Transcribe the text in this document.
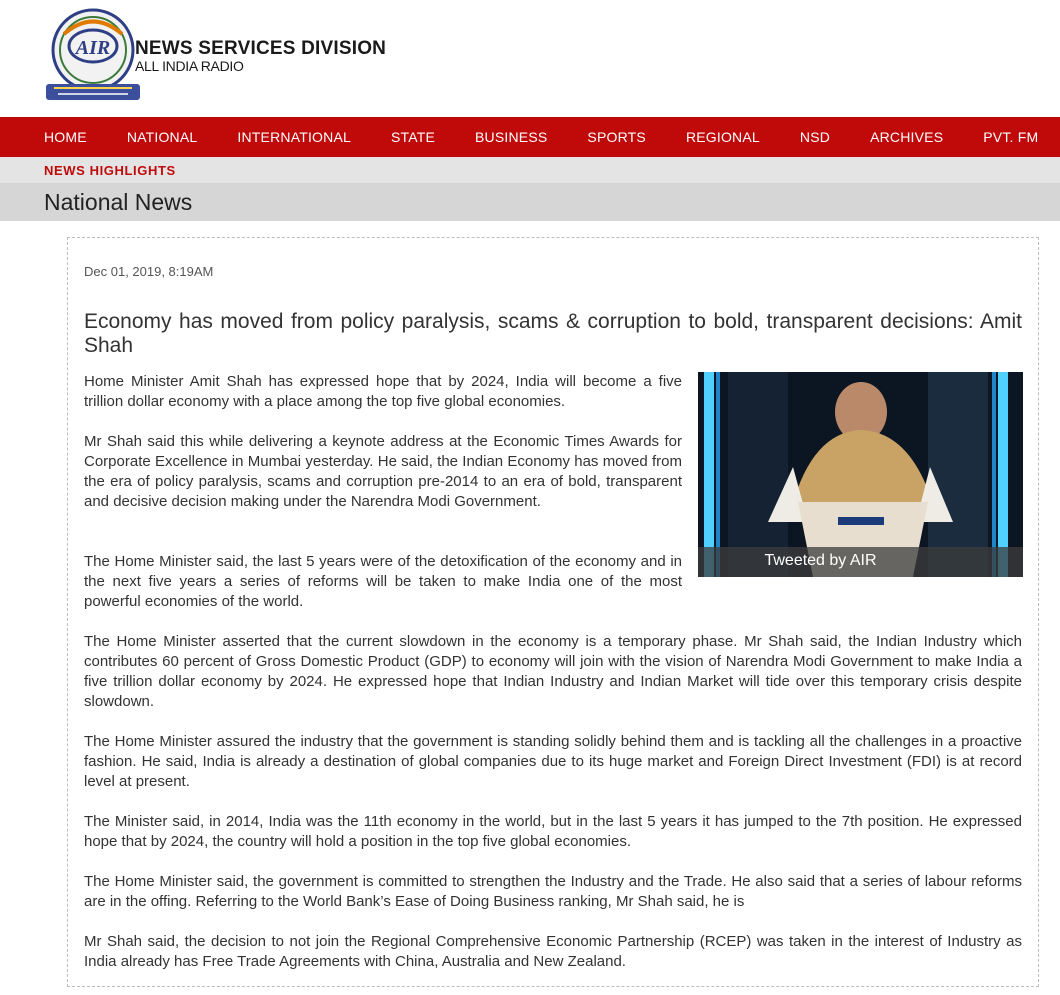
AIR NEWS SERVICES DIVISION
ALL INDIA RADIO
HOME	NATIONAL	INTERNATIONAL	STATE	BUSINESS	SPORTS	REGIONAL	NSD	ARCHIVES	PVT. FM
NEWS HIGHLIGHTS
National News
Dec 01, 2019, 8:19AM
Economy has moved from policy paralysis, scams & corruption to bold, transparent decisions: Amit Shah
Tweeted by AIR

Home Minister Amit Shah has expressed hope that by 2024, India will become a five trillion dollar economy with a place among the top five global economies.

Mr Shah said this while delivering a keynote address at the Economic Times Awards for Corporate Excellence in Mumbai yesterday. He said, the Indian Economy has moved from the era of policy paralysis, scams and corruption pre-2014 to an era of bold, transparent and decisive decision making under the Narendra Modi Government.

The Home Minister said, the last 5 years were of the detoxification of the economy and in the next five years a series of reforms will be taken to make India one of the most powerful economies of the world.

The Home Minister asserted that the current slowdown in the economy is a temporary phase. Mr Shah said, the Indian Industry which contributes 60 percent of Gross Domestic Product (GDP) to economy will join with the vision of Narendra Modi Government to make India a five trillion dollar economy by 2024. He expressed hope that Indian Industry and Indian Market will tide over this temporary crisis despite slowdown.

The Home Minister assured the industry that the government is standing solidly behind them and is tackling all the challenges in a proactive fashion. He said, India is already a destination of global companies due to its huge market and Foreign Direct Investment (FDI) is at record level at present.

The Minister said, in 2014, India was the 11th economy in the world, but in the last 5 years it has jumped to the 7th position. He expressed hope that by 2024, the country will hold a position in the top five global economies.

The Home Minister said, the government is committed to strengthen the Industry and the Trade. He also said that a series of labour reforms are in the offing. Referring to the World Bank’s Ease of Doing Business ranking, Mr Shah said, he is

Mr Shah said, the decision to not join the Regional Comprehensive Economic Partnership (RCEP) was taken in the interest of Industry as India already has Free Trade Agreements with China, Australia and New Zealand.
